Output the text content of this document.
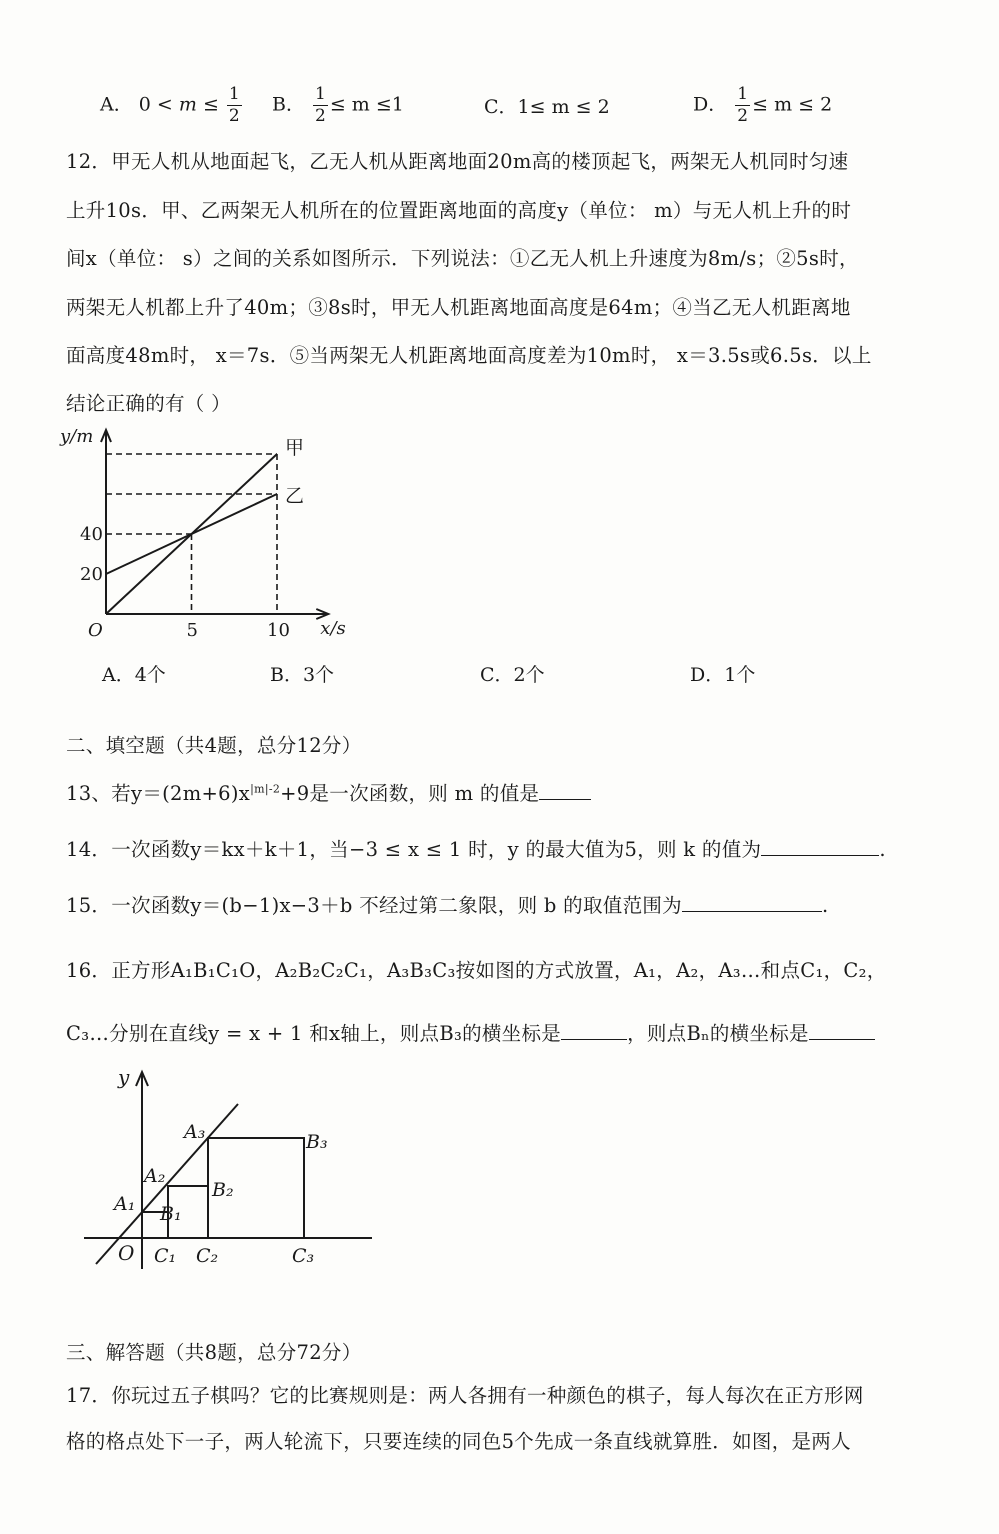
A． $0 < m \le \frac{1}{2}$ B． $\frac{1}{2} \le m \le 1$	C．1≤ m ≤ 2	D． $\frac{1}{2} \le m \le 2$
12．甲无人机从地面起飞，乙无人机从距离地面20m高的楼顶起飞，两架无人机同时匀速
上升10s．甲、乙两架无人机所在的位置距离地面的高度y（单位： m）与无人机上升的时
间x（单位： s）之间的关系如图所示．下列说法：①乙无人机上升速度为8m/s；②5s时，
两架无人机都上升了40m；③8s时，甲无人机距离地面高度是64m；④当乙无人机距离地
面高度48m时， x＝7s．⑤当两架无人机距离地面高度差为10m时， x＝3.5s或6.5s．以上
结论正确的有（ ）
x/s
y/m
O	5	10
20
40
甲
乙
A．4个	B．3个	C．2个	D．1个
二、填空题（共4题，总分12分）
13、若$y=(2m+6)x^{|m|-2}+9$是一次函数，则 m 的值是
14．一次函数y＝kx＋k＋1，当−3 ≤ x ≤ 1 时，y 的最大值为5，则 k 的值为	.
15．一次函数y＝(b−1)x−3＋b 不经过第二象限，则 b 的取值范围为	.
16．正方形A₁B₁C₁O，A₂B₂C₂C₁，A₃B₃C₃按如图的方式放置，A₁，A₂，A₃…和点C₁，C₂，
C₃…分别在直线y = x + 1 和x轴上，则点B₃的横坐标是	，则点Bₙ的横坐标是
y
O
A₁
A₂
A₃
B₁
B₂
B₃
C₁ C₂	C₃
三、解答题（共8题，总分72分）
17．你玩过五子棋吗？它的比赛规则是：两人各拥有一种颜色的棋子，每人每次在正方形网
格的格点处下一子，两人轮流下，只要连续的同色5个先成一条直线就算胜．如图，是两人
